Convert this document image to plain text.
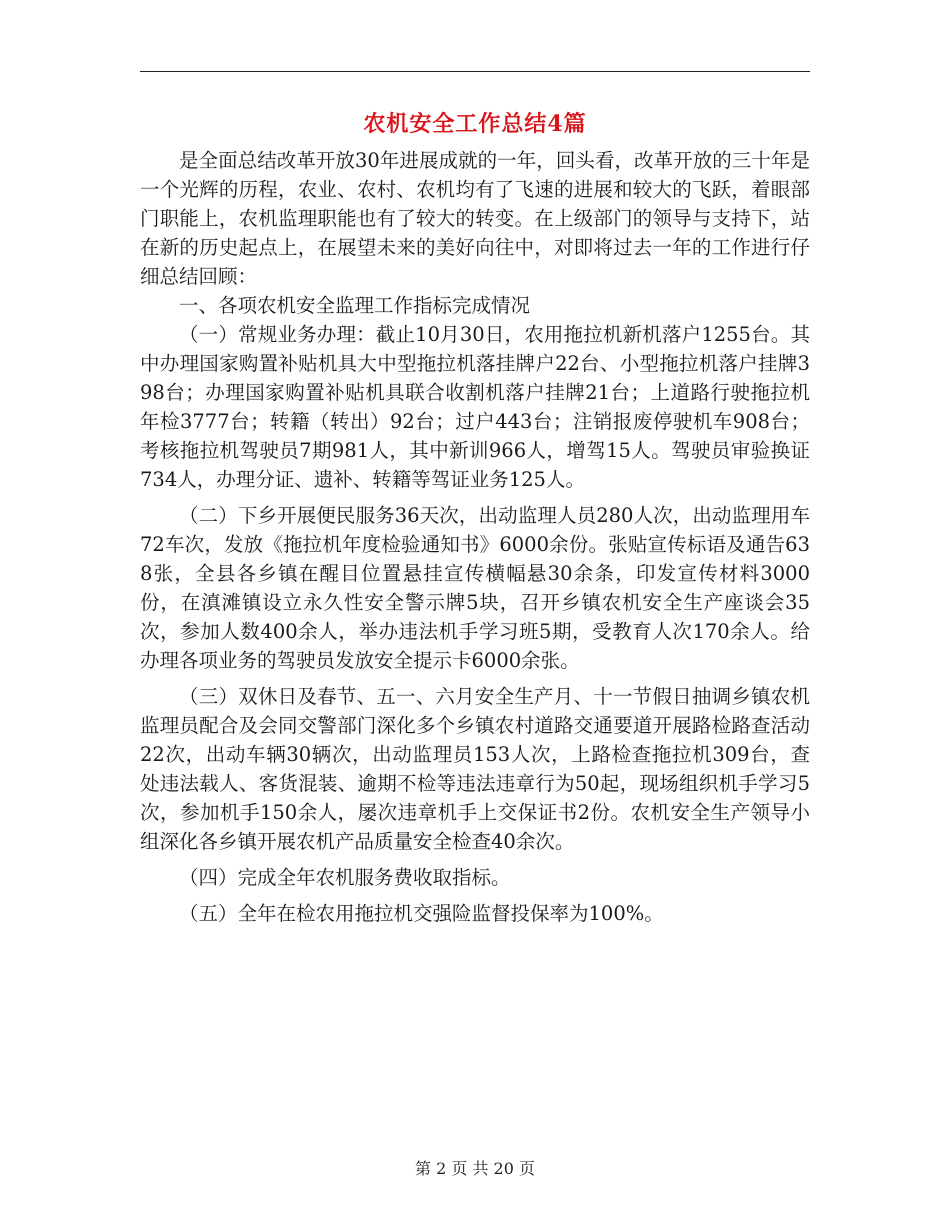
农机安全工作总结4篇

是全面总结改革开放30年进展成就的一年，回头看，改革开放的三十年是一个光辉的历程，农业、农村、农机均有了飞速的进展和较大的飞跃，着眼部门职能上，农机监理职能也有了较大的转变。在上级部门的领导与支持下，站在新的历史起点上，在展望未来的美好向往中，对即将过去一年的工作进行仔细总结回顾：

一、各项农机安全监理工作指标完成情况

（一）常规业务办理：截止10月30日，农用拖拉机新机落户1255台。其中办理国家购置补贴机具大中型拖拉机落挂牌户22台、小型拖拉机落户挂牌398台；办理国家购置补贴机具联合收割机落户挂牌21台；上道路行驶拖拉机年检3777台；转籍（转出）92台；过户443台；注销报废停驶机车908台；考核拖拉机驾驶员7期981人，其中新训966人，增驾15人。驾驶员审验换证734人，办理分证、遗补、转籍等驾证业务125人。

（二）下乡开展便民服务36天次，出动监理人员280人次，出动监理用车72车次，发放《拖拉机年度检验通知书》6000余份。张贴宣传标语及通告638张，全县各乡镇在醒目位置悬挂宣传横幅悬30余条，印发宣传材料3000份，在滇滩镇设立永久性安全警示牌5块，召开乡镇农机安全生产座谈会35次，参加人数400余人，举办违法机手学习班5期，受教育人次170余人。给办理各项业务的驾驶员发放安全提示卡6000余张。

（三）双休日及春节、五一、六月安全生产月、十一节假日抽调乡镇农机监理员配合及会同交警部门深化多个乡镇农村道路交通要道开展路检路查活动22次，出动车辆30辆次，出动监理员153人次，上路检查拖拉机309台，查处违法载人、客货混装、逾期不检等违法违章行为50起，现场组织机手学习5次，参加机手150余人，屡次违章机手上交保证书2份。农机安全生产领导小组深化各乡镇开展农机产品质量安全检查40余次。

（四）完成全年农机服务费收取指标。

（五）全年在检农用拖拉机交强险监督投保率为100%。

第 2 页 共 20 页
